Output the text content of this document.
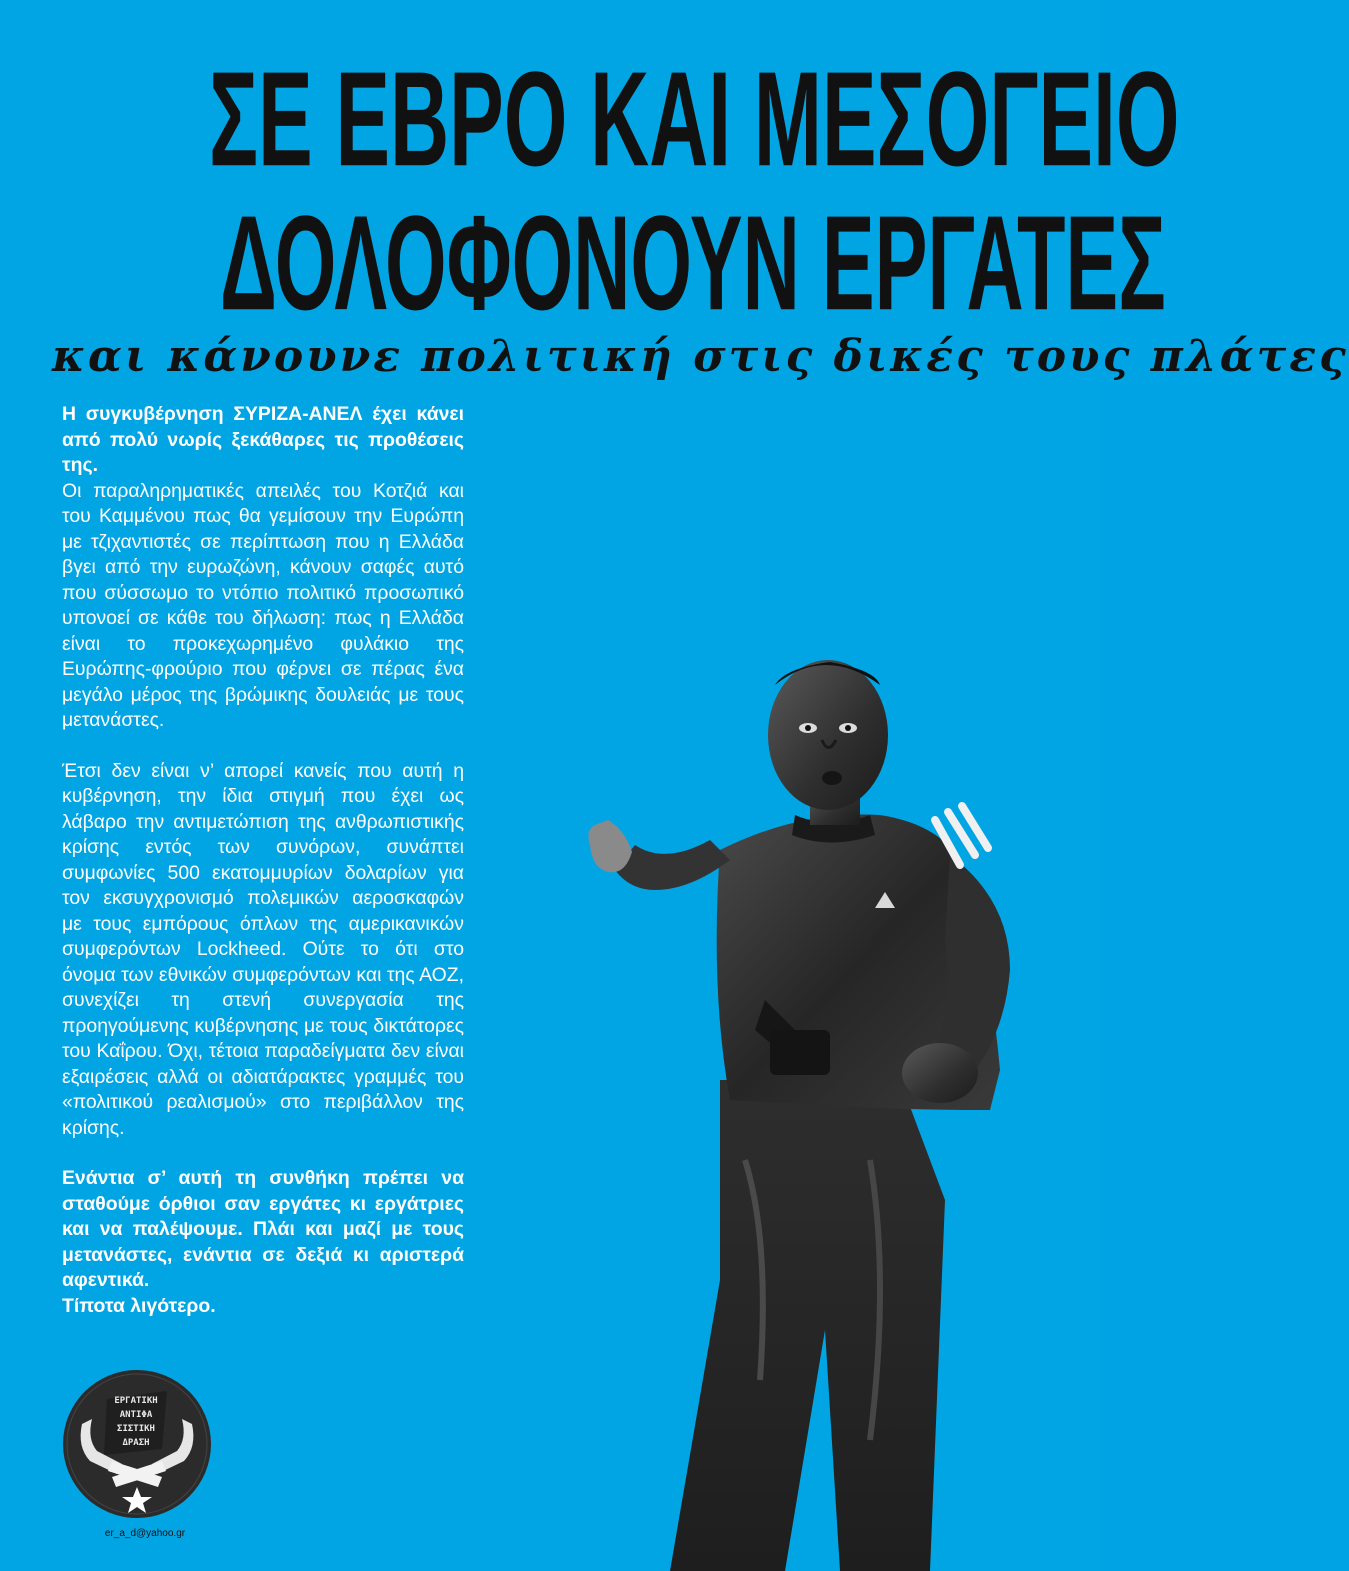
ΣΕ ΕΒΡΟ ΚΑΙ ΜΕΣΟΓΕΙΟ
ΔΟΛΟΦΟΝΟΥΝ ΕΡΓΑΤΕΣ
και κάνουνε πολιτική στις δικές τους πλάτες

Η συγκυβέρνηση ΣΥΡΙΖΑ-ΑΝΕΛ έχει κάνει από πολύ νωρίς ξεκάθαρες τις προθέσεις της.

Οι παραληρηματικές απειλές του Κοτζιά και του Καμμένου πως θα γεμίσουν την Ευρώπη με τζιχαντιστές σε περίπτωση που η Ελλάδα βγει από την ευρωζώνη, κάνουν σαφές αυτό που σύσσωμο το ντόπιο πολιτικό προσωπικό υπονοεί σε κάθε του δήλωση: πως η Ελλάδα είναι το προκεχωρημένο φυλάκιο της Ευρώπης-φρούριο που φέρνει σε πέρας ένα μεγάλο μέρος της βρώμικης δουλειάς με τους μετανάστες.

Έτσι δεν είναι ν’ απορεί κανείς που αυτή η κυβέρνηση, την ίδια στιγμή που έχει ως λάβαρο την αντιμετώπιση της ανθρωπιστικής κρίσης εντός των συνόρων, συνάπτει συμφωνίες 500 εκατομμυρίων δολαρίων για τον εκσυγχρονισμό πολεμικών αεροσκαφών με τους εμπόρους όπλων της αμερικανικών συμφερόντων Lockheed. Ούτε το ότι στο όνομα των εθνικών συμφερόντων και της ΑΟΖ, συνεχίζει τη στενή συνεργασία της προηγούμενης κυβέρνησης με τους δικτάτορες του Καΐρου. Όχι, τέτοια παραδείγματα δεν είναι εξαιρέσεις αλλά οι αδιατάρακτες γραμμές του «πολιτικού ρεαλισμού» στο περιβάλλον της κρίσης.

Ενάντια σ’ αυτή τη συνθήκη πρέπει να σταθούμε όρθιοι σαν εργάτες κι εργάτριες και να παλέψουμε. Πλάι και μαζί με τους μετανάστες, ενάντια σε δεξιά κι αριστερά αφεντικά.

Τίποτα λιγότερο.

ΕΡΓΑΤΙΚΗ
ΑΝΤΙΦΑ
ΣΙΣΤΙΚΗ
ΔΡΑΣΗ

er_a_d@yahoo.gr
